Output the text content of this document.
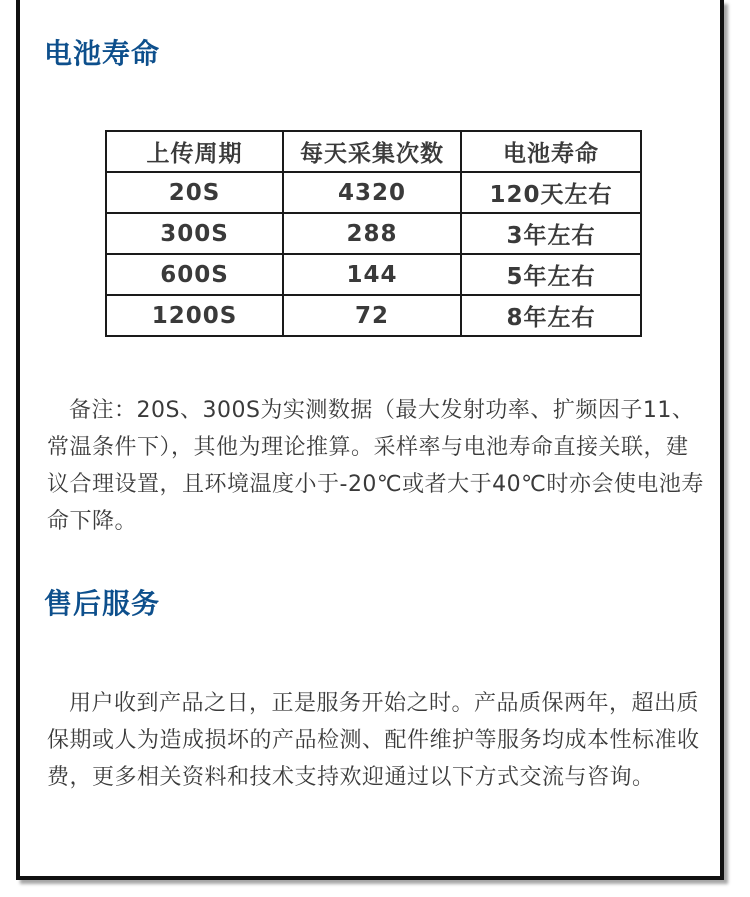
电池寿命
上传周期	每天采集次数	电池寿命
20S	4320	120天左右
300S	288	3年左右
600S	144	5年左右
1200S	72	8年左右

备注：20S、300S为实测数据（最大发射功率、扩频因子11、常温条件下），其他为理论推算。采样率与电池寿命直接关联，建议合理设置，且环境温度小于-20℃或者大于40℃时亦会使电池寿命下降。

售后服务

用户收到产品之日，正是服务开始之时。产品质保两年，超出质保期或人为造成损坏的产品检测、配件维护等服务均成本性标准收费，更多相关资料和技术支持欢迎通过以下方式交流与咨询。
